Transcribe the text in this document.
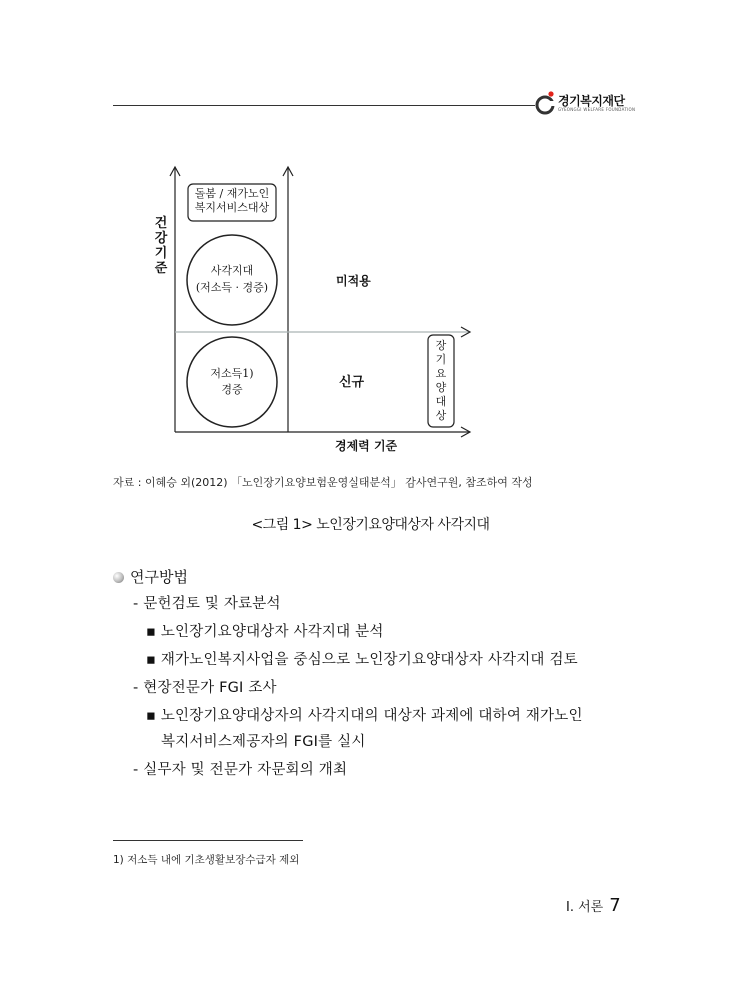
경기복지재단
GYEONGGI WELFARE FOUNDATION
돌봄 / 재가노인
복지서비스대상
사각지대
(저소득 · 경증)
저소득1)
경증
미적용
신규
건강기준
경제력 기준
장기요양대상
자료 : 이혜승 외(2012) 「노인장기요양보험운영실태분석」 감사연구원, 참조하여 작성
<그림 1> 노인장기요양대상자 사각지대
연구방법
- 문헌검토 및 자료분석
▪ 노인장기요양대상자 사각지대 분석
▪ 재가노인복지사업을 중심으로 노인장기요양대상자 사각지대 검토
- 현장전문가 FGI 조사
▪ 노인장기요양대상자의 사각지대의 대상자 과제에 대하여 재가노인
복지서비스제공자의 FGI를 실시
- 실무자 및 전문가 자문회의 개최
1) 저소득 내에 기초생활보장수급자 제외
Ⅰ. 서론 7
